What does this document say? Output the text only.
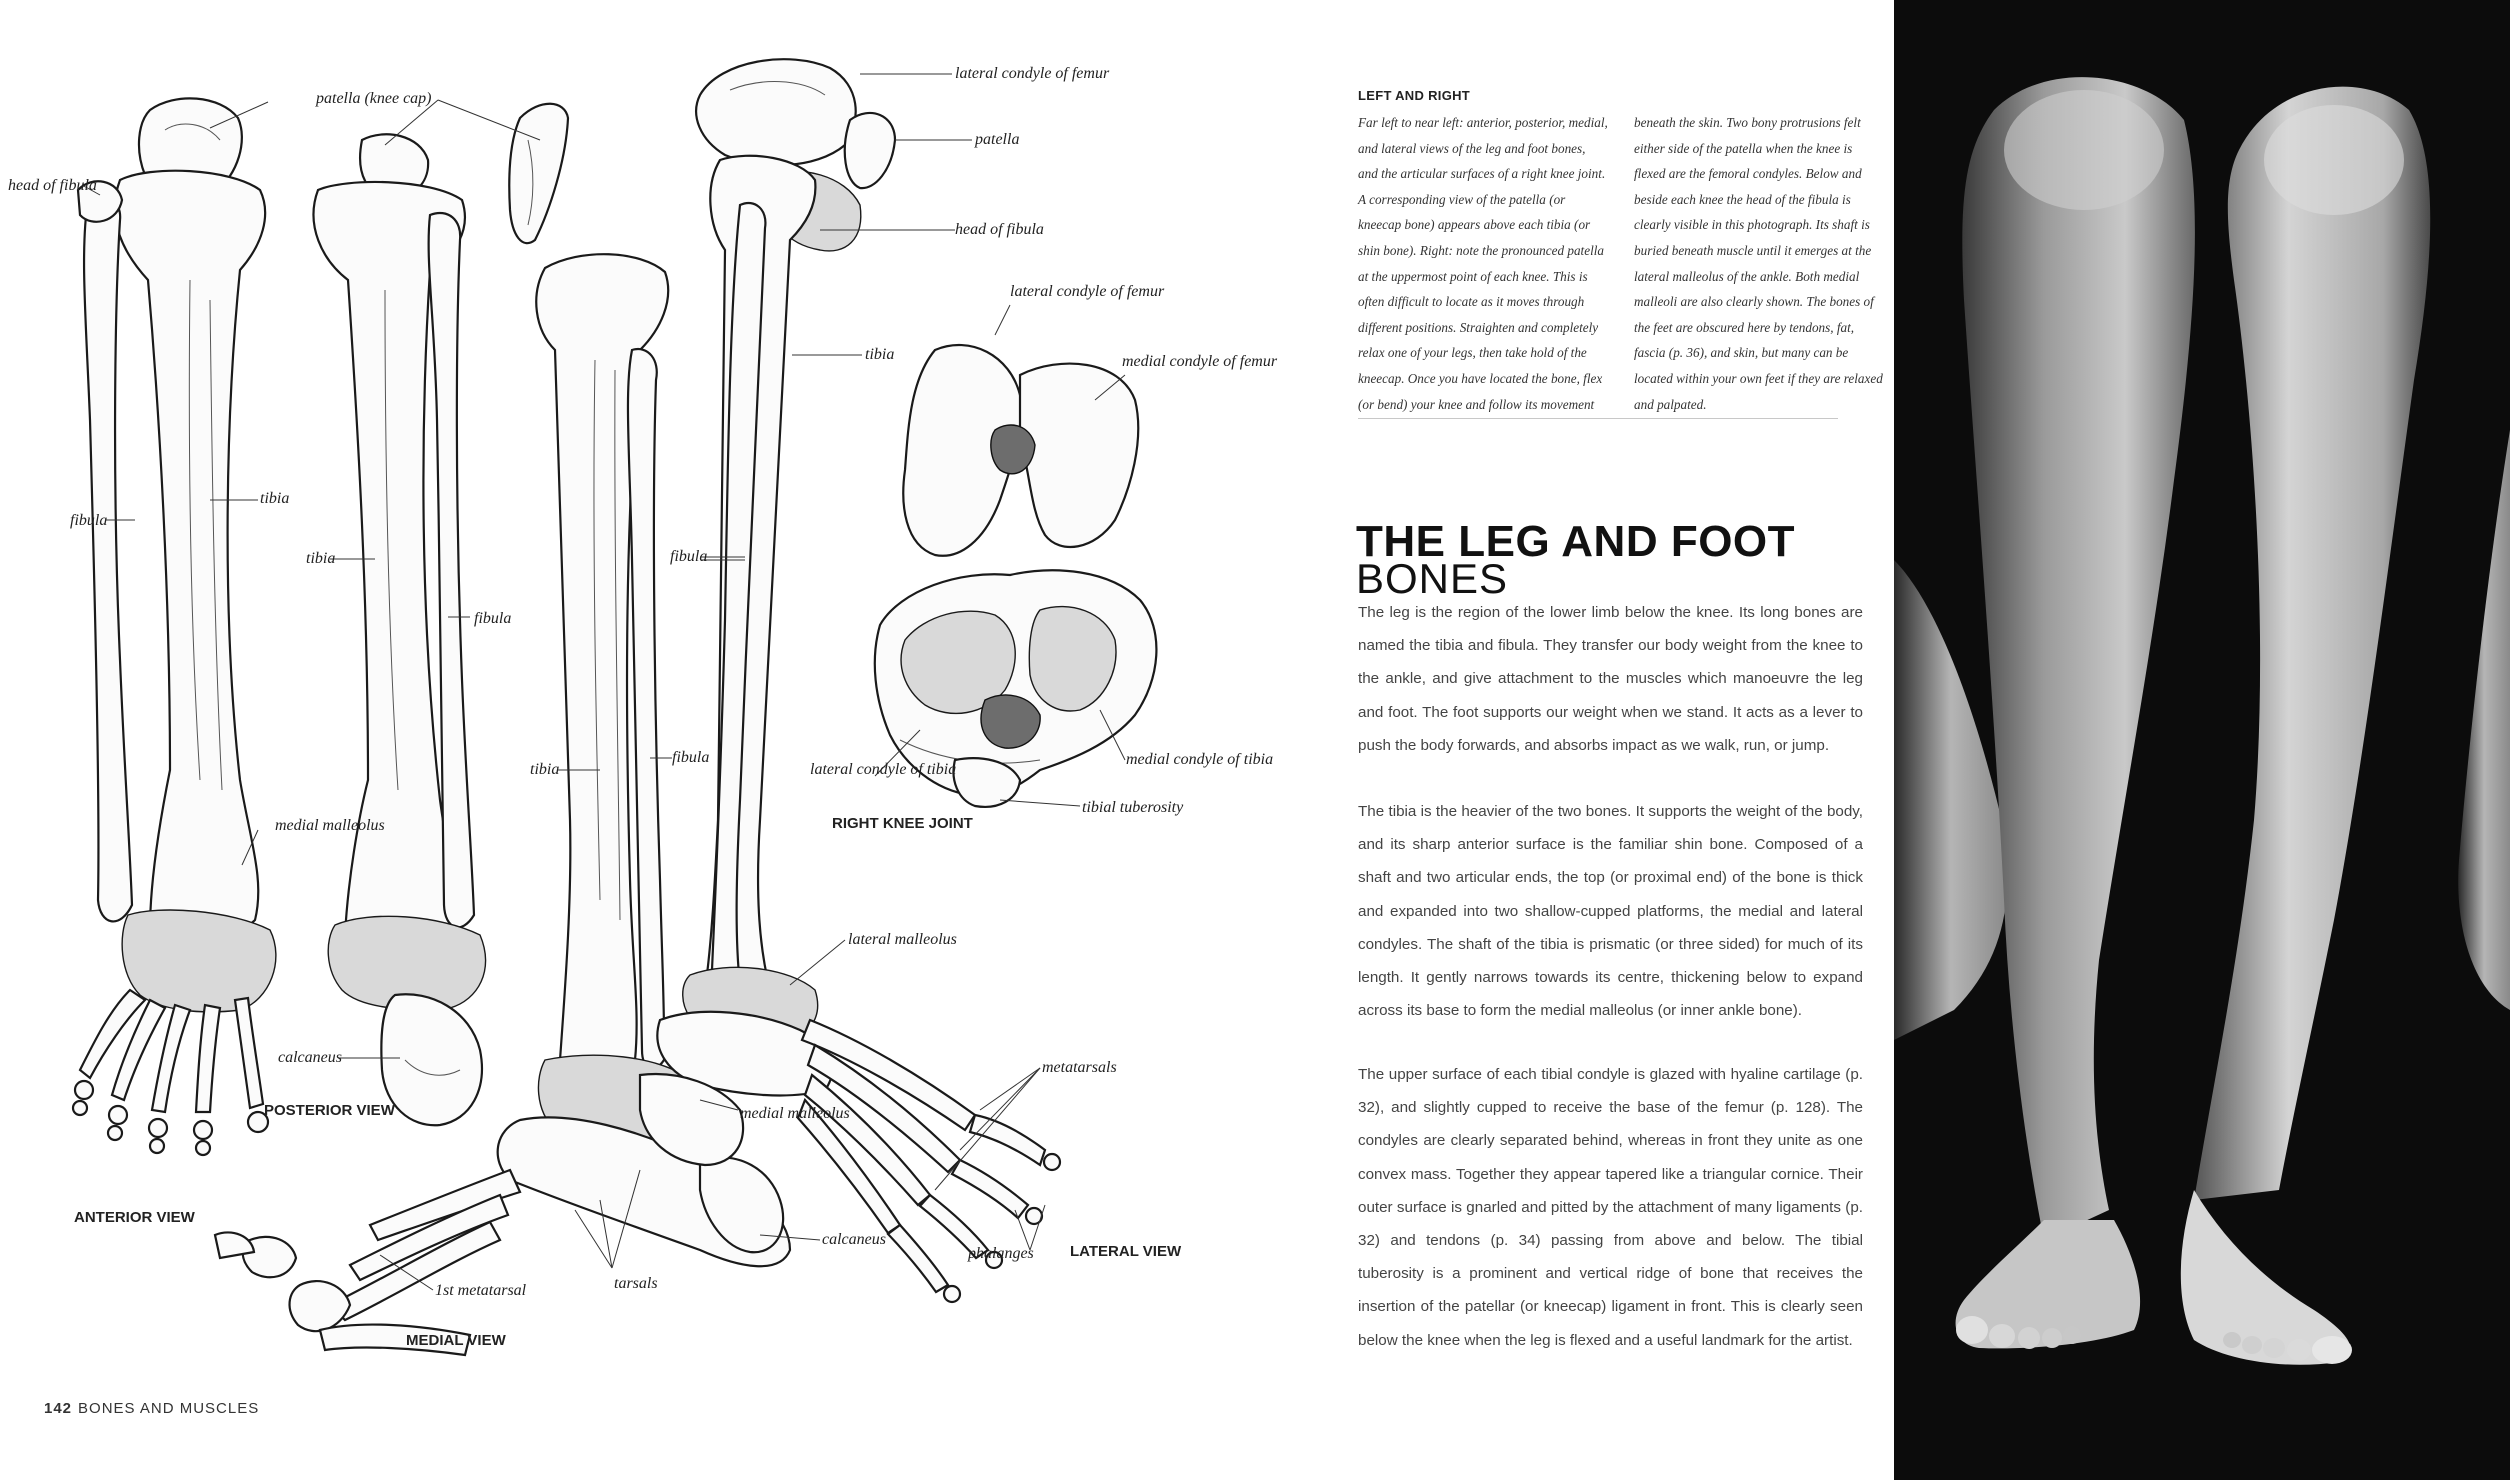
patella (knee cap)
head of fibula
fibula
tibia
medial malleolus
tibia
fibula
calcaneus
tibia
fibula
lateral condyle of femur
patella
head of fibula
tibia
fibula
lateral malleolus
medial malleolus
metatarsals
calcaneus
tarsals
1st metatarsal
phalanges
lateral condyle of femur
medial condyle of femur
lateral condyle of tibia
medial condyle of tibia
tibial tuberosity
ANTERIOR VIEW
POSTERIOR VIEW
MEDIAL VIEW
LATERAL VIEW
RIGHT KNEE JOINT
LEFT AND RIGHT
Far left to near left: anterior, posterior, medial, and lateral views of the leg and foot bones, and the articular surfaces of a right knee joint. A corresponding view of the patella (or kneecap bone) appears above each tibia (or shin bone). Right: note the pronounced patella at the uppermost point of each knee. This is often difficult to locate as it moves through different positions. Straighten and completely relax one of your legs, then take hold of the kneecap. Once you have located the bone, flex (or bend) your knee and follow its movement
beneath the skin. Two bony protrusions felt either side of the patella when the knee is flexed are the femoral condyles. Below and beside each knee the head of the fibula is clearly visible in this photograph. Its shaft is buried beneath muscle until it emerges at the lateral malleolus of the ankle. Both medial malleoli are also clearly shown. The bones of the feet are obscured here by tendons, fat, fascia (p. 36), and skin, but many can be located within your own feet if they are relaxed and palpated.
THE LEG AND FOOT
BONES

The leg is the region of the lower limb below the knee. Its long bones are named the tibia and fibula. They transfer our body weight from the knee to the ankle, and give attachment to the muscles which manoeuvre the leg and foot. The foot supports our weight when we stand. It acts as a lever to push the body forwards, and absorbs impact as we walk, run, or jump.

The tibia is the heavier of the two bones. It supports the weight of the body, and its sharp anterior surface is the familiar shin bone. Composed of a shaft and two articular ends, the top (or proximal end) of the bone is thick and expanded into two shallow-cupped platforms, the medial and lateral condyles. The shaft of the tibia is prismatic (or three sided) for much of its length. It gently narrows towards its centre, thickening below to expand across its base to form the medial malleolus (or inner ankle bone).

The upper surface of each tibial condyle is glazed with hyaline cartilage (p. 32), and slightly cupped to receive the base of the femur (p. 128). The condyles are clearly separated behind, whereas in front they unite as one convex mass. Together they appear tapered like a triangular cornice. Their outer surface is gnarled and pitted by the attachment of many ligaments (p. 32) and tendons (p. 34) passing from above and below. The tibial tuberosity is a prominent and vertical ridge of bone that receives the insertion of the patellar (or kneecap) ligament in front. This is clearly seen below the knee when the leg is flexed and a useful landmark for the artist.

142 BONES AND MUSCLES
